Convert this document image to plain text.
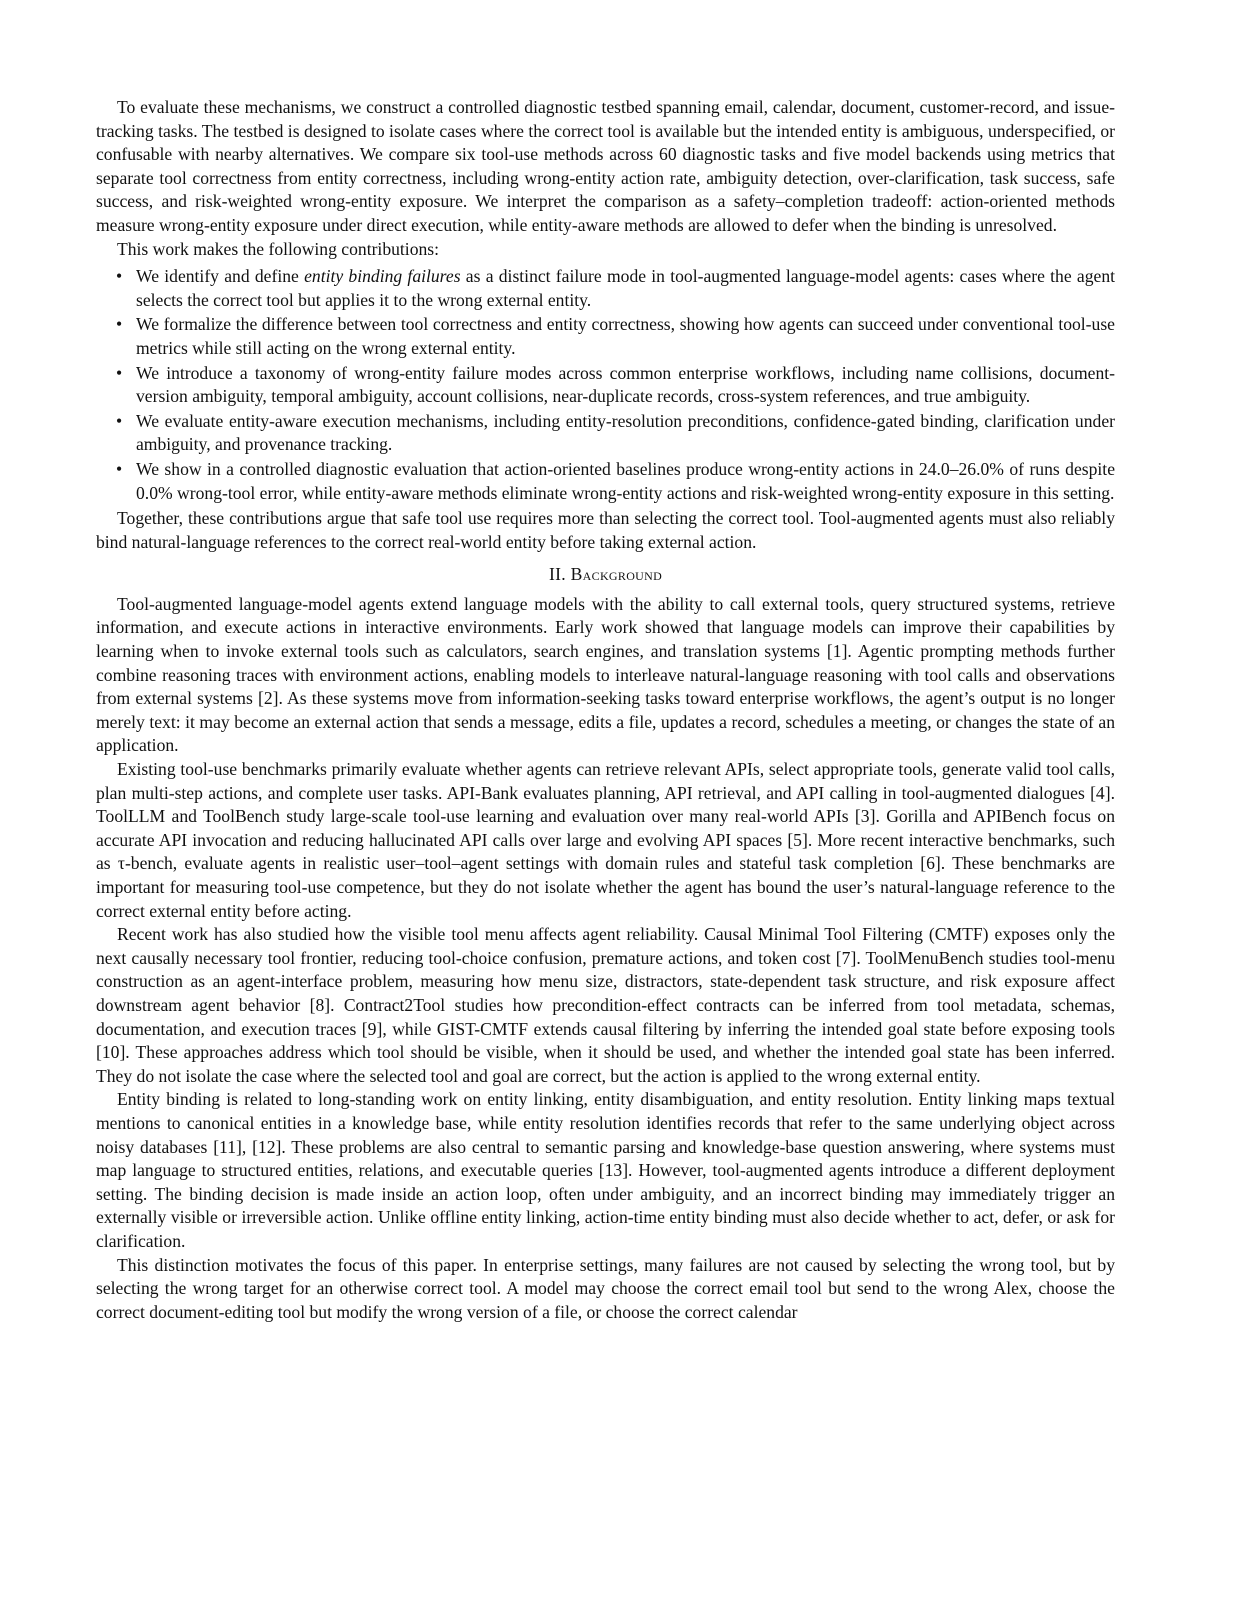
To evaluate these mechanisms, we construct a controlled diagnostic testbed spanning email, calendar, document, customer-record, and issue-tracking tasks. The testbed is designed to isolate cases where the correct tool is available but the intended entity is ambiguous, underspecified, or confusable with nearby alternatives. We compare six tool-use methods across 60 diagnostic tasks and five model backends using metrics that separate tool correctness from entity correctness, including wrong-entity action rate, ambiguity detection, over-clarification, task success, safe success, and risk-weighted wrong-entity exposure. We interpret the comparison as a safety–completion tradeoff: action-oriented methods measure wrong-entity exposure under direct execution, while entity-aware methods are allowed to defer when the binding is unresolved.

This work makes the following contributions:

• We identify and define entity binding failures as a distinct failure mode in tool-augmented language-model agents: cases where the agent selects the correct tool but applies it to the wrong external entity.
• We formalize the difference between tool correctness and entity correctness, showing how agents can succeed under conventional tool-use metrics while still acting on the wrong external entity.
• We introduce a taxonomy of wrong-entity failure modes across common enterprise workflows, including name collisions, document-version ambiguity, temporal ambiguity, account collisions, near-duplicate records, cross-system references, and true ambiguity.
• We evaluate entity-aware execution mechanisms, including entity-resolution preconditions, confidence-gated binding, clarification under ambiguity, and provenance tracking.
• We show in a controlled diagnostic evaluation that action-oriented baselines produce wrong-entity actions in 24.0–26.0% of runs despite 0.0% wrong-tool error, while entity-aware methods eliminate wrong-entity actions and risk-weighted wrong-entity exposure in this setting.

Together, these contributions argue that safe tool use requires more than selecting the correct tool. Tool-augmented agents must also reliably bind natural-language references to the correct real-world entity before taking external action.

II. Background

Tool-augmented language-model agents extend language models with the ability to call external tools, query structured systems, retrieve information, and execute actions in interactive environments. Early work showed that language models can improve their capabilities by learning when to invoke external tools such as calculators, search engines, and translation systems [1]. Agentic prompting methods further combine reasoning traces with environment actions, enabling models to interleave natural-language reasoning with tool calls and observations from external systems [2]. As these systems move from information-seeking tasks toward enterprise workflows, the agent’s output is no longer merely text: it may become an external action that sends a message, edits a file, updates a record, schedules a meeting, or changes the state of an application.

Existing tool-use benchmarks primarily evaluate whether agents can retrieve relevant APIs, select appropriate tools, generate valid tool calls, plan multi-step actions, and complete user tasks. API-Bank evaluates planning, API retrieval, and API calling in tool-augmented dialogues [4]. ToolLLM and ToolBench study large-scale tool-use learning and evaluation over many real-world APIs [3]. Gorilla and APIBench focus on accurate API invocation and reducing hallucinated API calls over large and evolving API spaces [5]. More recent interactive benchmarks, such as τ-bench, evaluate agents in realistic user–tool–agent settings with domain rules and stateful task completion [6]. These benchmarks are important for measuring tool-use competence, but they do not isolate whether the agent has bound the user’s natural-language reference to the correct external entity before acting.

Recent work has also studied how the visible tool menu affects agent reliability. Causal Minimal Tool Filtering (CMTF) exposes only the next causally necessary tool frontier, reducing tool-choice confusion, premature actions, and token cost [7]. ToolMenuBench studies tool-menu construction as an agent-interface problem, measuring how menu size, distractors, state-dependent task structure, and risk exposure affect downstream agent behavior [8]. Contract2Tool studies how precondition-effect contracts can be inferred from tool metadata, schemas, documentation, and execution traces [9], while GIST-CMTF extends causal filtering by inferring the intended goal state before exposing tools [10]. These approaches address which tool should be visible, when it should be used, and whether the intended goal state has been inferred. They do not isolate the case where the selected tool and goal are correct, but the action is applied to the wrong external entity.

Entity binding is related to long-standing work on entity linking, entity disambiguation, and entity resolution. Entity linking maps textual mentions to canonical entities in a knowledge base, while entity resolution identifies records that refer to the same underlying object across noisy databases [11], [12]. These problems are also central to semantic parsing and knowledge-base question answering, where systems must map language to structured entities, relations, and executable queries [13]. However, tool-augmented agents introduce a different deployment setting. The binding decision is made inside an action loop, often under ambiguity, and an incorrect binding may immediately trigger an externally visible or irreversible action. Unlike offline entity linking, action-time entity binding must also decide whether to act, defer, or ask for clarification.

This distinction motivates the focus of this paper. In enterprise settings, many failures are not caused by selecting the wrong tool, but by selecting the wrong target for an otherwise correct tool. A model may choose the correct email tool but send to the wrong Alex, choose the correct document-editing tool but modify the wrong version of a file, or choose the correct calendar
